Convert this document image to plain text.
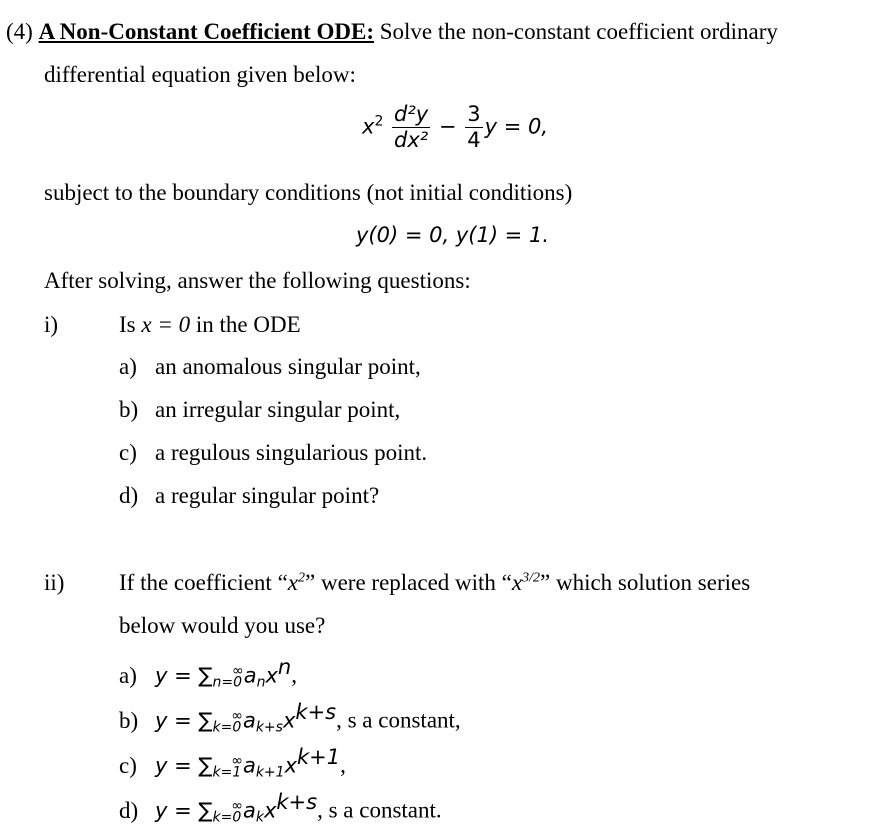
(4) A Non-Constant Coefficient ODE: Solve the non-constant coefficient ordinary
differential equation given below:
$x^2 \frac{\text{d²y}}{\text{dx²}} - \frac{3}{4}$ y = 0,
subject to the boundary conditions (not initial conditions)
y(0) = 0, y(1) = 1.
After solving, answer the following questions:
i)	Is x = 0 in the ODE
a) an anomalous singular point,
b) an irregular singular point,
c) a regulous singularious point.
d) a regular singular point?
ii) If the coefficient “$x^2$” were replaced with “$x^{3/2}$” which solution series
below would you use?
a) y = ∑n=0∞anx$^n$,
b) $y = \sum k=0^\infty ak+sx^{k+s}$, s a constant,
c) $y = \sum k=1^\infty ak+1x^{k+1}$,
d) y = ∑k=0∞akx$^{k+s}$, s a constant.
